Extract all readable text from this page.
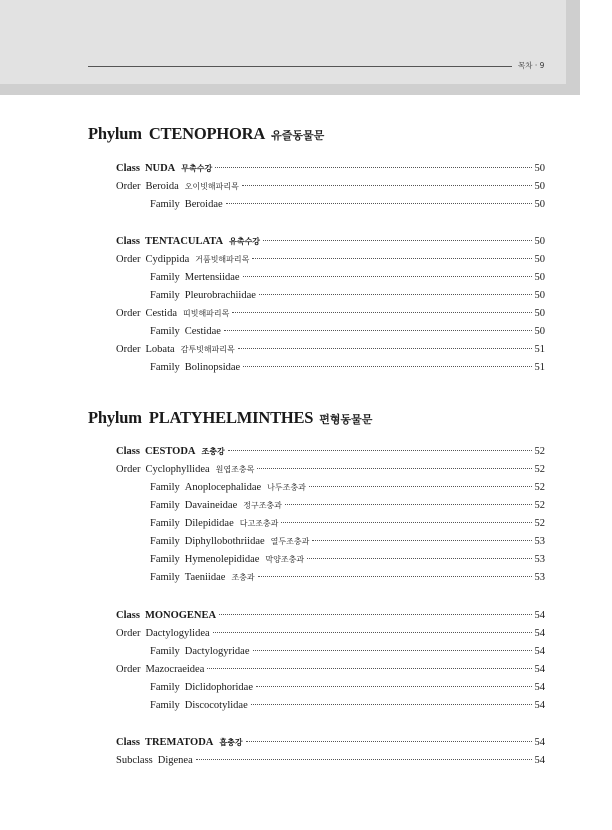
목차 · 9
Phylum CTENOPHORA 유즐동물문
Class NUDA 무촉수강	50
Order Beroida 오이빗해파리목	50
Family Beroidae	50
Class TENTACULATA 유촉수강	50
Order Cydippida 거품빗해파리목	50
Family Mertensiidae	50
Family Pleurobrachiidae	50
Order Cestida 띠빗해파리목	50
Family Cestidae	50
Order Lobata 감투빗해파리목	51
Family Bolinopsidae	51
Phylum PLATYHELMINTHES 편형동물문
Class CESTODA 조충강	52
Order Cyclophyllidea 원엽조충목	52
Family Anoplocephalidae 나두조충과	52
Family Davaineidae 정구조충과	52
Family Dilepididae 다고조충과	52
Family Diphyllobothriidae 열두조충과	53
Family Hymenolepididae 막양조충과	53
Family Taeniidae 조충과	53
Class MONOGENEA	54
Order Dactylogylidea	54
Family Dactylogyridae	54
Order Mazocraeidea	54
Family Diclidophoridae	54
Family Discocotylidae	54
Class TREMATODA 흡충강	54
Subclass Digenea	54
